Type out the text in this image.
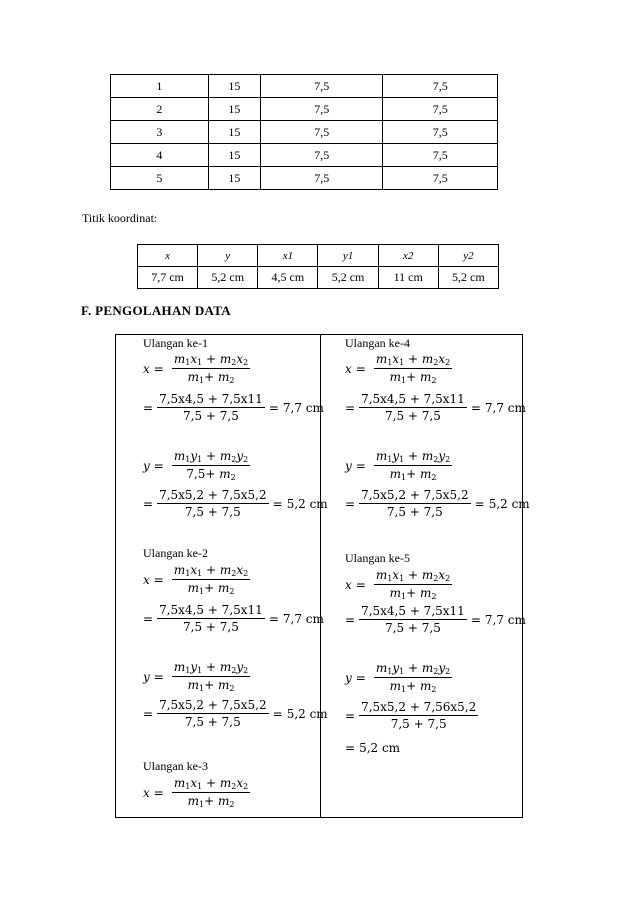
1	15	7,5	7,5
2	15	7,5	7,5
3	15	7,5	7,5
4	15	7,5	7,5
5	15	7,5	7,5
Titik koordinat:
x	y	x1	y1	x2	y2
7,7 cm	5,2 cm	4,5 cm	5,2 cm	11 cm	5,2 cm
F. PENGOLAHAN DATA
Ulangan ke-1
$x = \frac{m_1x_1 + m_2x_2}{m_1+ m_2}$
= $\frac{7,5x4,5 + 7,5x11}{7,5 + 7,5} = 7,7$ cm
$y = \frac{m_1y_1 + m_2y_2}{7,5+ m_2}$
= $\frac{7,5x5,2 + 7,5x5,2}{7,5 + 7,5} = 5,2$ cm
Ulangan ke-2
$x = \frac{m_1x_1 + m_2x_2}{m_1+ m_2}$
= $\frac{7,5x4,5 + 7,5x11}{7,5 + 7,5} = 7,7$ cm
$y = \frac{m_1y_1 + m_2y_2}{m_1+ m_2}$
= $\frac{7,5x5,2 + 7,5x5,2}{7,5 + 7,5} = 5,2$ cm
Ulangan ke-3
$x = \frac{m_1x_1 + m_2x_2}{m_1+ m_2}$
Ulangan ke-4
$x = \frac{m_1x_1 + m_2x_2}{m_1+ m_2}$
= $\frac{7,5x4,5 + 7,5x11}{7,5 + 7,5} = 7,7$ cm
$y = \frac{m_1y_1 + m_2y_2}{m_1+ m_2}$
= $\frac{7,5x5,2 + 7,5x5,2}{7,5 + 7,5} = 5,2$ cm
Ulangan ke-5
$x = \frac{m_1x_1 + m_2x_2}{m_1+ m_2}$
= $\frac{7,5x4,5 + 7,5x11}{7,5 + 7,5} = 7,7$ cm
$y = \frac{m_1y_1 + m_2y_2}{m_1+ m_2}$
= $\frac{7,5x5,2 + 7,56x5,2}{7,5 + 7,5}$
= 5,2 cm
